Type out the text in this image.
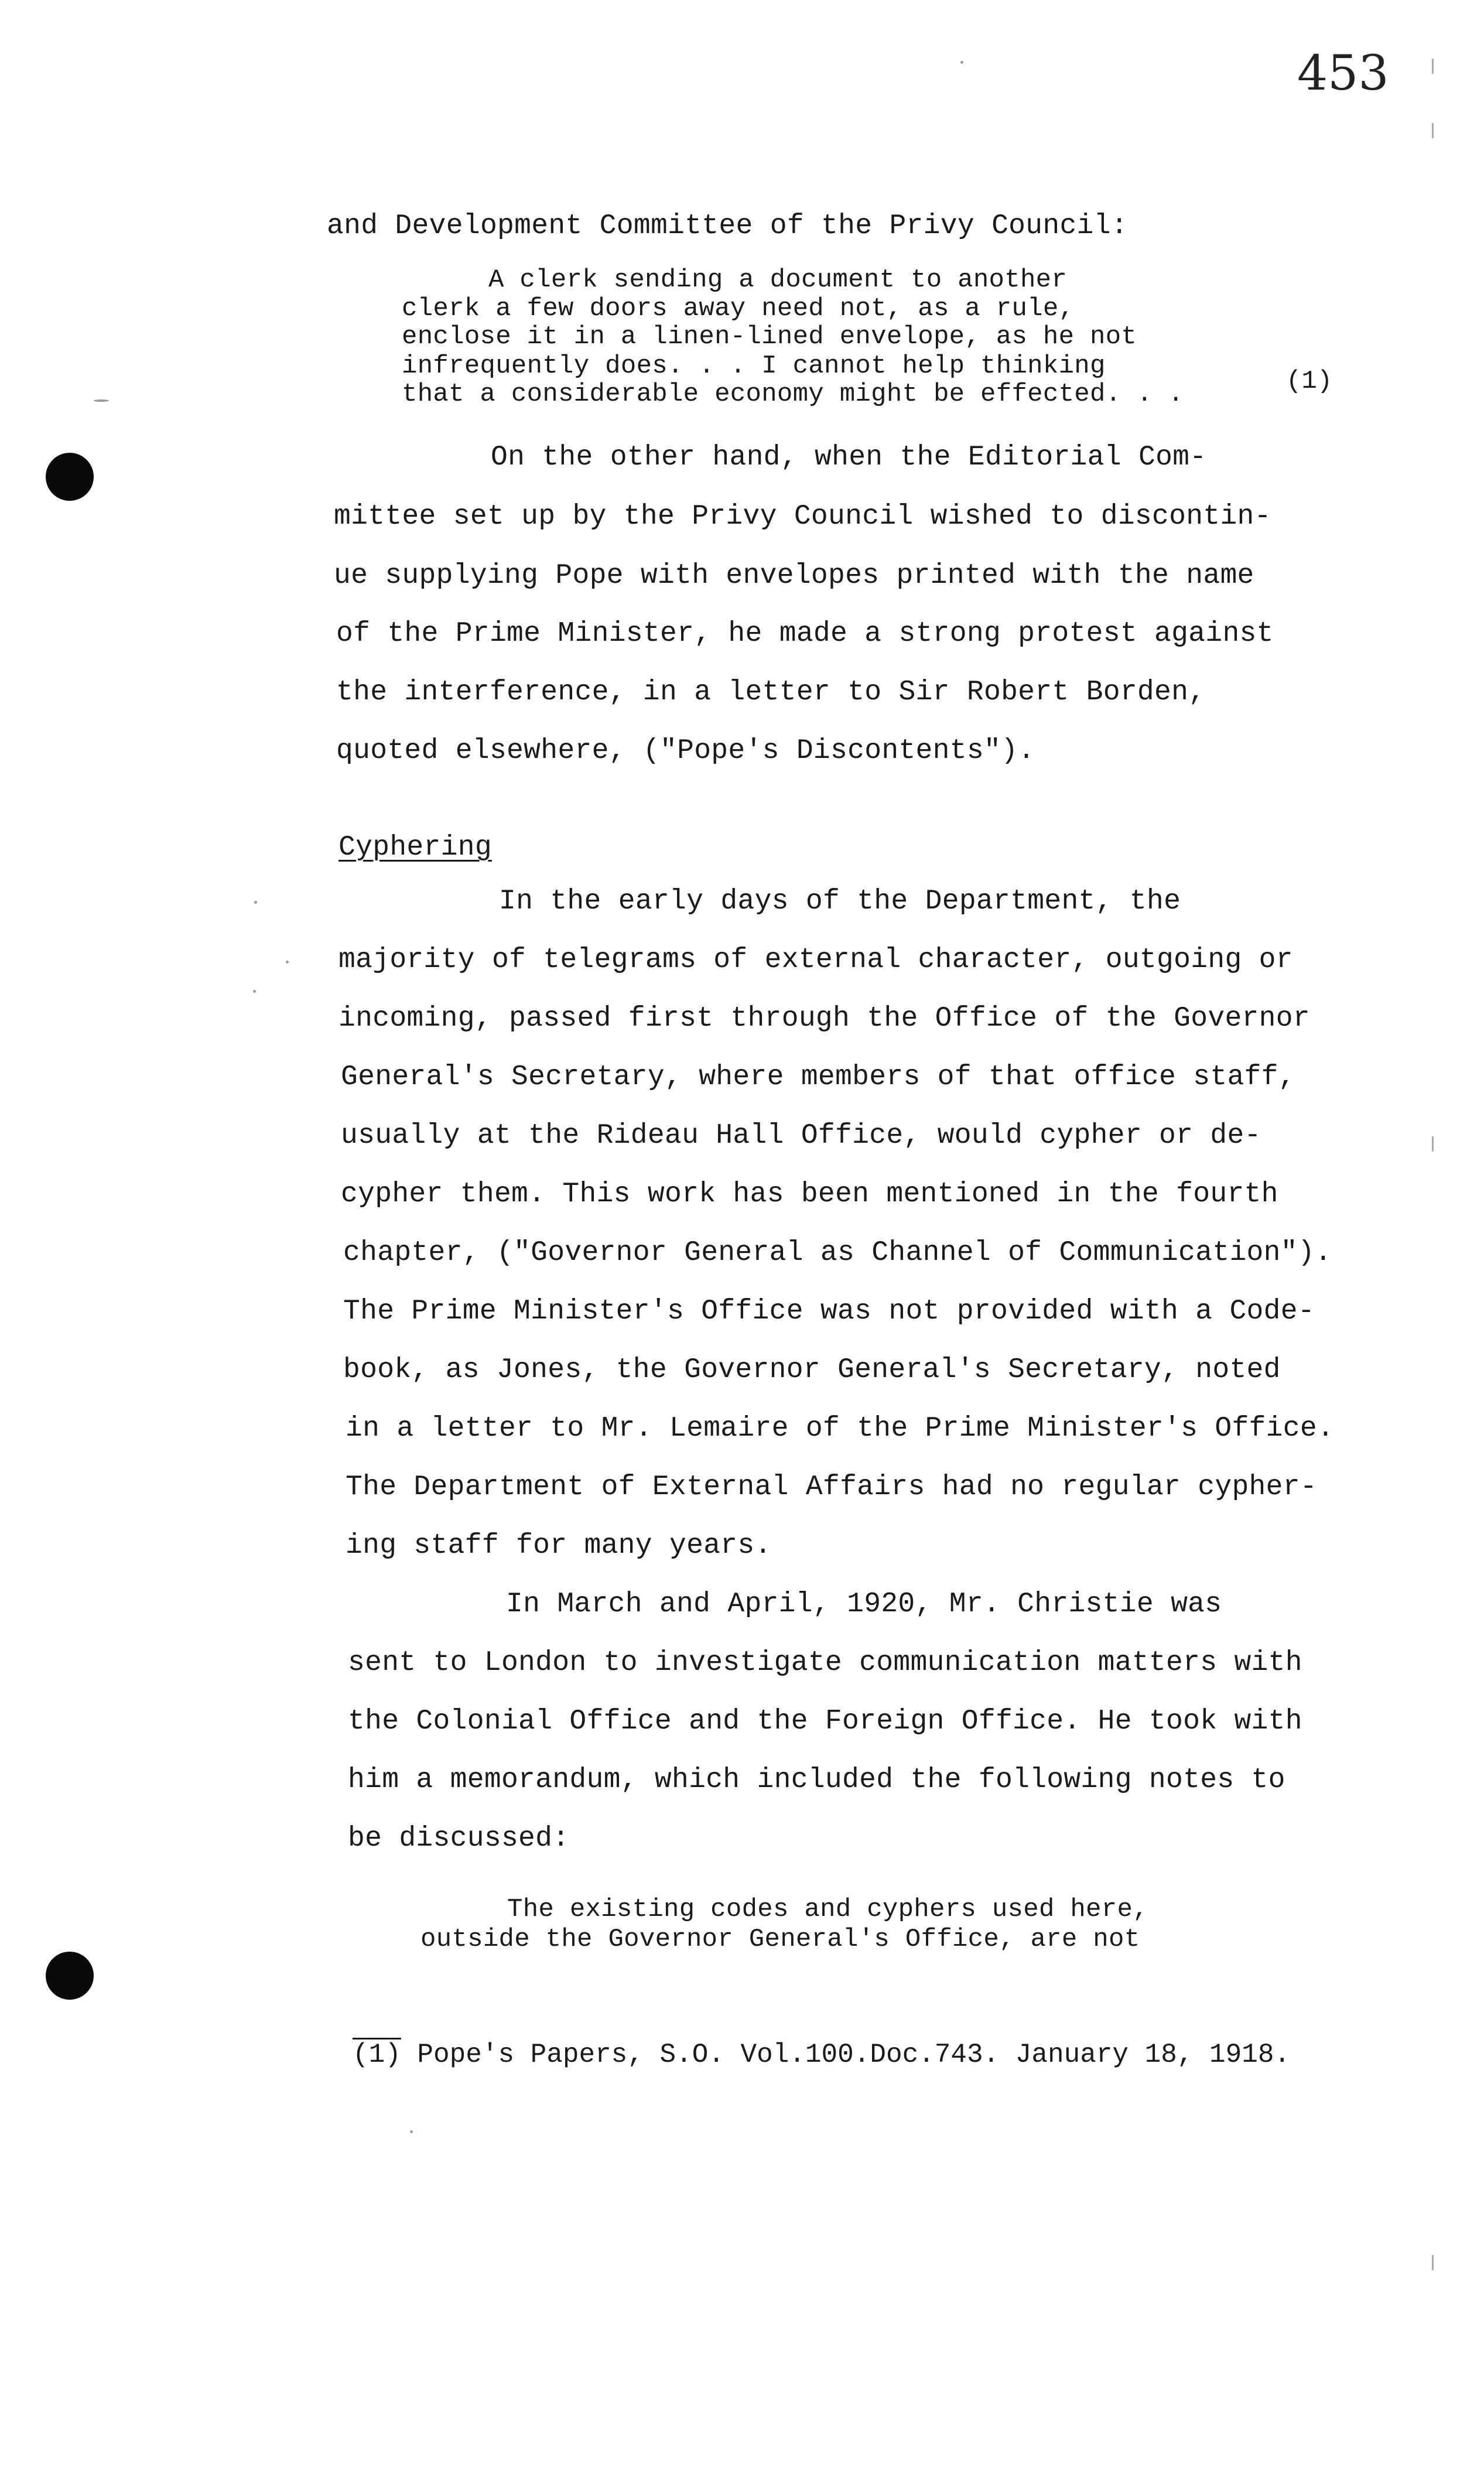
453
and Development Committee of the Privy Council:
A clerk sending a document to another
clerk a few doors away need not, as a rule,
enclose it in a linen-lined envelope, as he not
infrequently does. . . I cannot help thinking
that a considerable economy might be effected. . .	(1)
On the other hand, when the Editorial Com-
mittee set up by the Privy Council wished to discontin-
ue supplying Pope with envelopes printed with the name
of the Prime Minister, he made a strong protest against
the interference, in a letter to Sir Robert Borden,
quoted elsewhere, ("Pope's Discontents").
Cyphering
In the early days of the Department, the
majority of telegrams of external character, outgoing or
incoming, passed first through the Office of the Governor
General's Secretary, where members of that office staff,
usually at the Rideau Hall Office, would cypher or de-
cypher them. This work has been mentioned in the fourth
chapter, ("Governor General as Channel of Communication").
The Prime Minister's Office was not provided with a Code-
book, as Jones, the Governor General's Secretary, noted
in a letter to Mr. Lemaire of the Prime Minister's Office.
The Department of External Affairs had no regular cypher-
ing staff for many years.
In March and April, 1920, Mr. Christie was
sent to London to investigate communication matters with
the Colonial Office and the Foreign Office. He took with
him a memorandum, which included the following notes to
be discussed:
The existing codes and cyphers used here,
outside the Governor General's Office, are not
(1) Pope's Papers, S.O. Vol.100.Doc.743. January 18, 1918.
